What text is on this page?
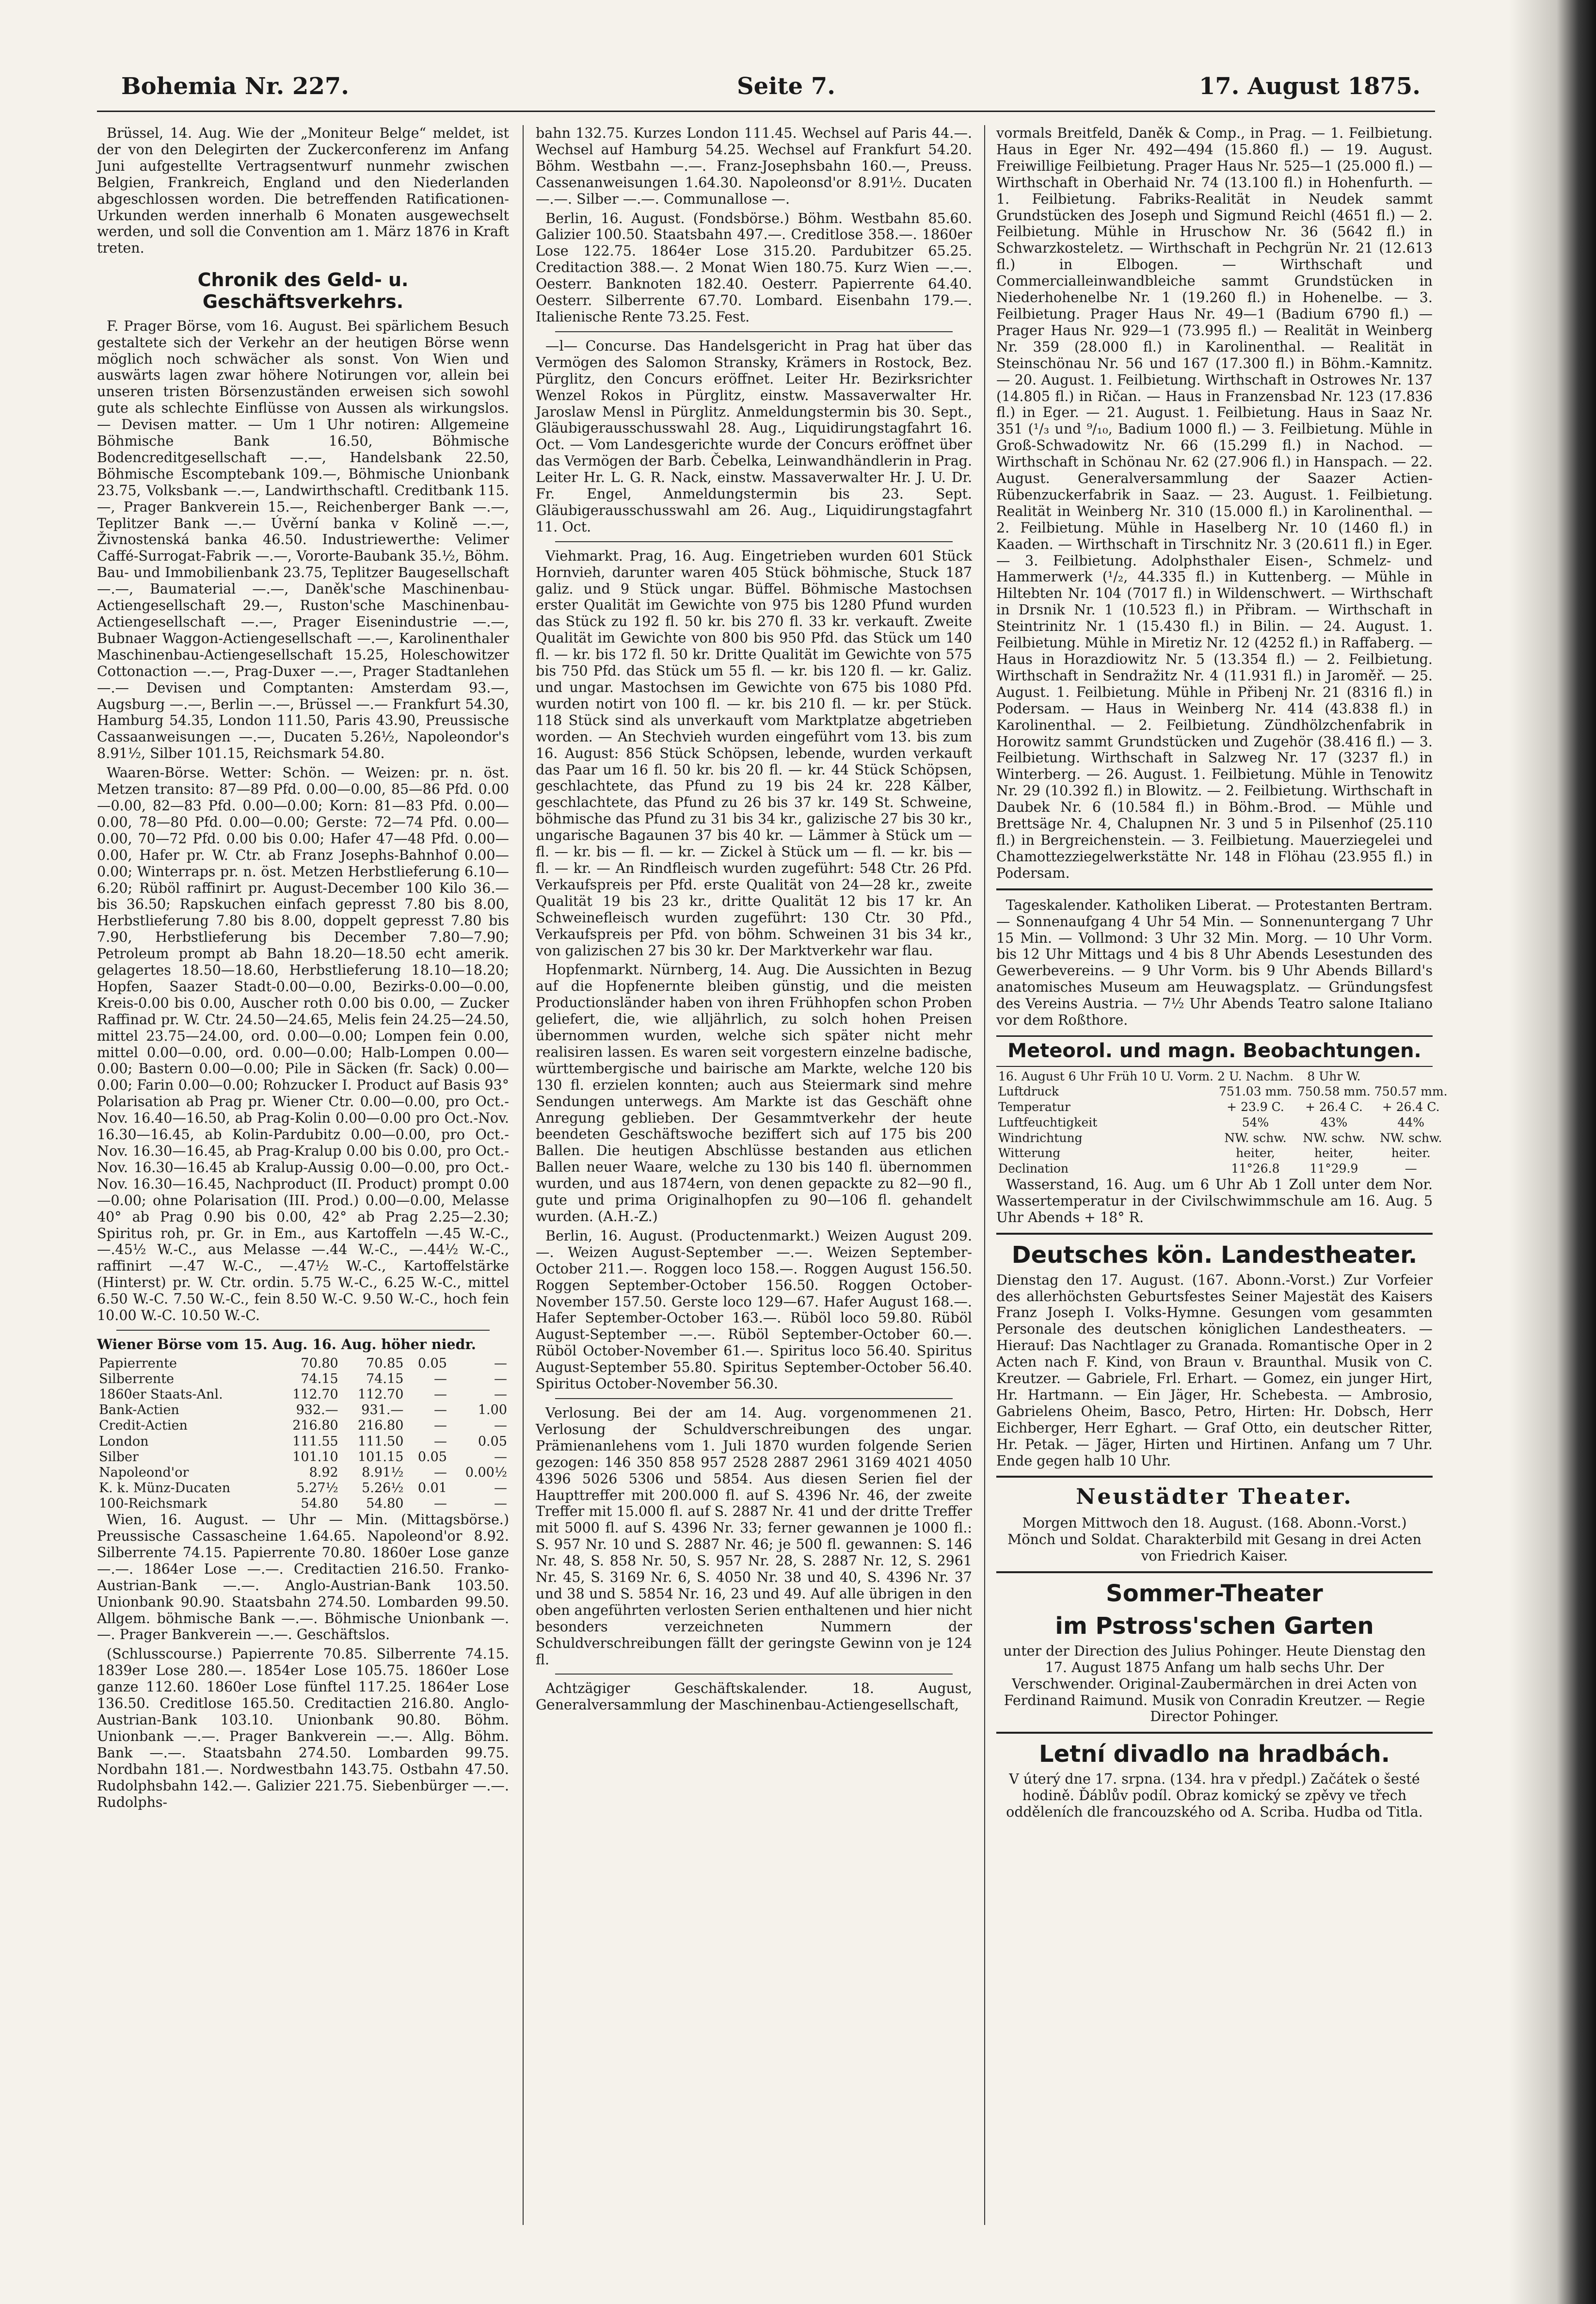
Bohemia Nr. 227.	Seite 7.	17. August 1875.

Brüssel, 14. Aug. Wie der „Moniteur Belge“ meldet, ist der von den Delegirten der Zuckerconferenz im Anfang Juni aufgestellte Vertragsentwurf nunmehr zwischen Belgien, Frankreich, England und den Niederlanden abgeschlossen worden. Die betreffenden Ratificationen-Urkunden werden innerhalb 6 Monaten ausgewechselt werden, und soll die Convention am 1. März 1876 in Kraft treten.

Chronik des Geld- u. Geschäftsverkehrs.

F. Prager Börse, vom 16. August. Bei spärlichem Besuch gestaltete sich der Verkehr an der heutigen Börse wenn möglich noch schwächer als sonst. Von Wien und auswärts lagen zwar höhere Notirungen vor, allein bei unseren tristen Börsenzuständen erweisen sich sowohl gute als schlechte Einflüsse von Aussen als wirkungslos. — Devisen matter. — Um 1 Uhr notiren: Allgemeine Böhmische Bank 16.50, Böhmische Bodencreditgesellschaft —.—, Handelsbank 22.50, Böhmische Escomptebank 109.—, Böhmische Unionbank 23.75, Volksbank —.—, Landwirthschaftl. Creditbank 115.—, Prager Bankverein 15.—, Reichenberger Bank —.—, Teplitzer Bank —.— Úvěrní banka v Kolině —.—, Živnostenská banka 46.50. Industriewerthe: Velimer Caffé-Surrogat-Fabrik —.—, Vororte-Baubank 35.½, Böhm. Bau- und Immobilienbank 23.75, Teplitzer Baugesellschaft —.—, Baumaterial —.—, Daněk'sche Maschinenbau-Actiengesellschaft 29.—, Ruston'sche Maschinenbau-Actiengesellschaft —.—, Prager Eisenindustrie —.—, Bubnaer Waggon-Actiengesellschaft —.—, Karolinenthaler Maschinenbau-Actiengesellschaft 15.25, Holeschowitzer Cottonaction —.—, Prag-Duxer —.—, Prager Stadtanlehen —.— Devisen und Comptanten: Amsterdam 93.—, Augsburg —.—, Berlin —.—, Brüssel —.— Frankfurt 54.30, Hamburg 54.35, London 111.50, Paris 43.90, Preussische Cassaanweisungen —.—, Ducaten 5.26½, Napoleondor's 8.91½, Silber 101.15, Reichsmark 54.80.

Waaren-Börse. Wetter: Schön. — Weizen: pr. n. öst. Metzen transito: 87—89 Pfd. 0.00—0.00, 85—86 Pfd. 0.00—0.00, 82—83 Pfd. 0.00—0.00; Korn: 81—83 Pfd. 0.00—0.00, 78—80 Pfd. 0.00—0.00; Gerste: 72—74 Pfd. 0.00—0.00, 70—72 Pfd. 0.00 bis 0.00; Hafer 47—48 Pfd. 0.00—0.00, Hafer pr. W. Ctr. ab Franz Josephs-Bahnhof 0.00—0.00; Winterraps pr. n. öst. Metzen Herbstlieferung 6.10—6.20; Rüböl raffinirt pr. August-December 100 Kilo 36.— bis 36.50; Rapskuchen einfach gepresst 7.80 bis 8.00, Herbstlieferung 7.80 bis 8.00, doppelt gepresst 7.80 bis 7.90, Herbstlieferung bis December 7.80—7.90; Petroleum prompt ab Bahn 18.20—18.50 echt amerik. gelagertes 18.50—18.60, Herbstlieferung 18.10—18.20; Hopfen, Saazer Stadt-0.00—0.00, Bezirks-0.00—0.00, Kreis-0.00 bis 0.00, Auscher roth 0.00 bis 0.00, — Zucker Raffinad pr. W. Ctr. 24.50—24.65, Melis fein 24.25—24.50, mittel 23.75—24.00, ord. 0.00—0.00; Lompen fein 0.00, mittel 0.00—0.00, ord. 0.00—0.00; Halb-Lompen 0.00—0.00; Bastern 0.00—0.00; Pile in Säcken (fr. Sack) 0.00—0.00; Farin 0.00—0.00; Rohzucker I. Product auf Basis 93° Polarisation ab Prag pr. Wiener Ctr. 0.00—0.00, pro Oct.-Nov. 16.40—16.50, ab Prag-Kolin 0.00—0.00 pro Oct.-Nov. 16.30—16.45, ab Kolin-Pardubitz 0.00—0.00, pro Oct.-Nov. 16.30—16.45, ab Prag-Kralup 0.00 bis 0.00, pro Oct.-Nov. 16.30—16.45 ab Kralup-Aussig 0.00—0.00, pro Oct.-Nov. 16.30—16.45, Nachproduct (II. Product) prompt 0.00—0.00; ohne Polarisation (III. Prod.) 0.00—0.00, Melasse 40° ab Prag 0.90 bis 0.00, 42° ab Prag 2.25—2.30; Spiritus roh, pr. Gr. in Em., aus Kartoffeln —.45 W.-C., —.45½ W.-C., aus Melasse —.44 W.-C., —.44½ W.-C., raffinirt —.47 W.-C., —.47½ W.-C., Kartoffelstärke (Hinterst) pr. W. Ctr. ordin. 5.75 W.-C., 6.25 W.-C., mittel 6.50 W.-C. 7.50 W.-C., fein 8.50 W.-C. 9.50 W.-C., hoch fein 10.00 W.-C. 10.50 W.-C.

Wiener Börse vom 15. Aug. 16. Aug. höher niedr.

Papierrente	70.80	70.85	0.05	—
Silberrente	74.15	74.15	—	—
1860er Staats-Anl.	112.70	112.70	—	—
Bank-Actien	932.—	931.—	—	1.00
Credit-Actien	216.80	216.80	—	—
London	111.55	111.50	—	0.05
Silber	101.10	101.15	0.05	—
Napoleond'or	8.92	8.91½	—	0.00½
K. k. Münz-Ducaten	5.27½	5.26½	0.01	—
100-Reichsmark	54.80	54.80	—	—

Wien, 16. August. — Uhr — Min. (Mittagsbörse.) Preussische Cassascheine 1.64.65. Napoleond'or 8.92. Silberrente 74.15. Papierrente 70.80. 1860er Lose ganze —.—. 1864er Lose —.—. Creditactien 216.50. Franko-Austrian-Bank —.—. Anglo-Austrian-Bank 103.50. Unionbank 90.90. Staatsbahn 274.50. Lombarden 99.50. Allgem. böhmische Bank —.—. Böhmische Unionbank —.—. Prager Bankverein —.—. Geschäftslos.

(Schlusscourse.) Papierrente 70.85. Silberrente 74.15. 1839er Lose 280.—. 1854er Lose 105.75. 1860er Lose ganze 112.60. 1860er Lose fünftel 117.25. 1864er Lose 136.50. Creditlose 165.50. Creditactien 216.80. Anglo-Austrian-Bank 103.10. Unionbank 90.80. Böhm. Unionbank —.—. Prager Bankverein —.—. Allg. Böhm. Bank —.—. Staatsbahn 274.50. Lombarden 99.75. Nordbahn 181.—. Nordwestbahn 143.75. Ostbahn 47.50. Rudolphsbahn 142.—. Galizier 221.75. Siebenbürger —.—. Rudolphs-

bahn 132.75. Kurzes London 111.45. Wechsel auf Paris 44.—. Wechsel auf Hamburg 54.25. Wechsel auf Frankfurt 54.20. Böhm. Westbahn —.—. Franz-Josephsbahn 160.—, Preuss. Cassenanweisungen 1.64.30. Napoleonsd'or 8.91½. Ducaten —.—. Silber —.—. Communallose —.

Berlin, 16. August. (Fondsbörse.) Böhm. Westbahn 85.60. Galizier 100.50. Staatsbahn 497.—. Creditlose 358.—. 1860er Lose 122.75. 1864er Lose 315.20. Pardubitzer 65.25. Creditaction 388.—. 2 Monat Wien 180.75. Kurz Wien —.—. Oesterr. Banknoten 182.40. Oesterr. Papierrente 64.40. Oesterr. Silberrente 67.70. Lombard. Eisenbahn 179.—. Italienische Rente 73.25. Fest.

—l— Concurse. Das Handelsgericht in Prag hat über das Vermögen des Salomon Stransky, Krämers in Rostock, Bez. Pürglitz, den Concurs eröffnet. Leiter Hr. Bezirksrichter Wenzel Rokos in Pürglitz, einstw. Massaverwalter Hr. Jaroslaw Mensl in Pürglitz. Anmeldungstermin bis 30. Sept., Gläubigerausschusswahl 28. Aug., Liquidirungstagfahrt 16. Oct. — Vom Landesgerichte wurde der Concurs eröffnet über das Vermögen der Barb. Čebelka, Leinwandhändlerin in Prag. Leiter Hr. L. G. R. Nack, einstw. Massaverwalter Hr. J. U. Dr. Fr. Engel, Anmeldungstermin bis 23. Sept. Gläubigerausschusswahl am 26. Aug., Liquidirungstagfahrt 11. Oct.

Viehmarkt. Prag, 16. Aug. Eingetrieben wurden 601 Stück Hornvieh, darunter waren 405 Stück böhmische, Stuck 187 galiz. und 9 Stück ungar. Büffel. Böhmische Mastochsen erster Qualität im Gewichte von 975 bis 1280 Pfund wurden das Stück zu 192 fl. 50 kr. bis 270 fl. 33 kr. verkauft. Zweite Qualität im Gewichte von 800 bis 950 Pfd. das Stück um 140 fl. — kr. bis 172 fl. 50 kr. Dritte Qualität im Gewichte von 575 bis 750 Pfd. das Stück um 55 fl. — kr. bis 120 fl. — kr. Galiz. und ungar. Mastochsen im Gewichte von 675 bis 1080 Pfd. wurden notirt von 100 fl. — kr. bis 210 fl. — kr. per Stück. 118 Stück sind als unverkauft vom Marktplatze abgetrieben worden. — An Stechvieh wurden eingeführt vom 13. bis zum 16. August: 856 Stück Schöpsen, lebende, wurden verkauft das Paar um 16 fl. 50 kr. bis 20 fl. — kr. 44 Stück Schöpsen, geschlachtete, das Pfund zu 19 bis 24 kr. 228 Kälber, geschlachtete, das Pfund zu 26 bis 37 kr. 149 St. Schweine, böhmische das Pfund zu 31 bis 34 kr., galizische 27 bis 30 kr., ungarische Bagaunen 37 bis 40 kr. — Lämmer à Stück um — fl. — kr. bis — fl. — kr. — Zickel à Stück um — fl. — kr. bis — fl. — kr. — An Rindfleisch wurden zugeführt: 548 Ctr. 26 Pfd. Verkaufspreis per Pfd. erste Qualität von 24—28 kr., zweite Qualität 19 bis 23 kr., dritte Qualität 12 bis 17 kr. An Schweinefleisch wurden zugeführt: 130 Ctr. 30 Pfd., Verkaufspreis per Pfd. von böhm. Schweinen 31 bis 34 kr., von galizischen 27 bis 30 kr. Der Marktverkehr war flau.

Hopfenmarkt. Nürnberg, 14. Aug. Die Aussichten in Bezug auf die Hopfenernte bleiben günstig, und die meisten Productionsländer haben von ihren Frühhopfen schon Proben geliefert, die, wie alljährlich, zu solch hohen Preisen übernommen wurden, welche sich später nicht mehr realisiren lassen. Es waren seit vorgestern einzelne badische, württembergische und bairische am Markte, welche 120 bis 130 fl. erzielen konnten; auch aus Steiermark sind mehre Sendungen unterwegs. Am Markte ist das Geschäft ohne Anregung geblieben. Der Gesammtverkehr der heute beendeten Geschäftswoche beziffert sich auf 175 bis 200 Ballen. Die heutigen Abschlüsse bestanden aus etlichen Ballen neuer Waare, welche zu 130 bis 140 fl. übernommen wurden, und aus 1874ern, von denen gepackte zu 82—90 fl., gute und prima Originalhopfen zu 90—106 fl. gehandelt wurden. (A.H.-Z.)

Berlin, 16. August. (Productenmarkt.) Weizen August 209.—. Weizen August-September —.—. Weizen September-October 211.—. Roggen loco 158.—. Roggen August 156.50. Roggen September-October 156.50. Roggen October-November 157.50. Gerste loco 129—67. Hafer August 168.—. Hafer September-October 163.—. Rüböl loco 59.80. Rüböl August-September —.—. Rüböl September-October 60.—. Rüböl October-November 61.—. Spiritus loco 56.40. Spiritus August-September 55.80. Spiritus September-October 56.40. Spiritus October-November 56.30.

Verlosung. Bei der am 14. Aug. vorgenommenen 21. Verlosung der Schuldverschreibungen des ungar. Prämienanlehens vom 1. Juli 1870 wurden folgende Serien gezogen: 146 350 858 957 2528 2887 2961 3169 4021 4050 4396 5026 5306 und 5854. Aus diesen Serien fiel der Haupttreffer mit 200.000 fl. auf S. 4396 Nr. 46, der zweite Treffer mit 15.000 fl. auf S. 2887 Nr. 41 und der dritte Treffer mit 5000 fl. auf S. 4396 Nr. 33; ferner gewannen je 1000 fl.: S. 957 Nr. 10 und S. 2887 Nr. 46; je 500 fl. gewannen: S. 146 Nr. 48, S. 858 Nr. 50, S. 957 Nr. 28, S. 2887 Nr. 12, S. 2961 Nr. 45, S. 3169 Nr. 6, S. 4050 Nr. 38 und 40, S. 4396 Nr. 37 und 38 und S. 5854 Nr. 16, 23 und 49. Auf alle übrigen in den oben angeführten verlosten Serien enthaltenen und hier nicht besonders verzeichneten Nummern der Schuldverschreibungen fällt der geringste Gewinn von je 124 fl.

Achtzägiger Geschäftskalender. 18. August, Generalversammlung der Maschinenbau-Actiengesellschaft,

vormals Breitfeld, Daněk & Comp., in Prag. — 1. Feilbietung. Haus in Eger Nr. 492—494 (15.860 fl.) — 19. August. Freiwillige Feilbietung. Prager Haus Nr. 525—1 (25.000 fl.) — Wirthschaft in Oberhaid Nr. 74 (13.100 fl.) in Hohenfurth. — 1. Feilbietung. Fabriks-Realität in Neudek sammt Grundstücken des Joseph und Sigmund Reichl (4651 fl.) — 2. Feilbietung. Mühle in Hruschow Nr. 36 (5642 fl.) in Schwarzkosteletz. — Wirthschaft in Pechgrün Nr. 21 (12.613 fl.) in Elbogen. — Wirthschaft und Commercialleinwandbleiche sammt Grundstücken in Niederhohenelbe Nr. 1 (19.260 fl.) in Hohenelbe. — 3. Feilbietung. Prager Haus Nr. 49—1 (Badium 6790 fl.) — Prager Haus Nr. 929—1 (73.995 fl.) — Realität in Weinberg Nr. 359 (28.000 fl.) in Karolinenthal. — Realität in Steinschönau Nr. 56 und 167 (17.300 fl.) in Böhm.-Kamnitz. — 20. August. 1. Feilbietung. Wirthschaft in Ostrowes Nr. 137 (14.805 fl.) in Ričan. — Haus in Franzensbad Nr. 123 (17.836 fl.) in Eger. — 21. August. 1. Feilbietung. Haus in Saaz Nr. 351 (¹/₃ und ⁹/₁₀, Badium 1000 fl.) — 3. Feilbietung. Mühle in Groß-Schwadowitz Nr. 66 (15.299 fl.) in Nachod. — Wirthschaft in Schönau Nr. 62 (27.906 fl.) in Hanspach. — 22. August. Generalversammlung der Saazer Actien-Rübenzuckerfabrik in Saaz. — 23. August. 1. Feilbietung. Realität in Weinberg Nr. 310 (15.000 fl.) in Karolinenthal. — 2. Feilbietung. Mühle in Haselberg Nr. 10 (1460 fl.) in Kaaden. — Wirthschaft in Tirschnitz Nr. 3 (20.611 fl.) in Eger. — 3. Feilbietung. Adolphsthaler Eisen-, Schmelz- und Hammerwerk (¹/₂, 44.335 fl.) in Kuttenberg. — Mühle in Hiltebten Nr. 104 (7017 fl.) in Wildenschwert. — Wirthschaft in Drsnik Nr. 1 (10.523 fl.) in Přibram. — Wirthschaft in Steintrinitz Nr. 1 (15.430 fl.) in Bilin. — 24. August. 1. Feilbietung. Mühle in Miretiz Nr. 12 (4252 fl.) in Raffaberg. — Haus in Horazdiowitz Nr. 5 (13.354 fl.) — 2. Feilbietung. Wirthschaft in Sendražitz Nr. 4 (11.931 fl.) in Jaroměř. — 25. August. 1. Feilbietung. Mühle in Přibenj Nr. 21 (8316 fl.) in Podersam. — Haus in Weinberg Nr. 414 (43.838 fl.) in Karolinenthal. — 2. Feilbietung. Zündhölzchenfabrik in Horowitz sammt Grundstücken und Zugehör (38.416 fl.) — 3. Feilbietung. Wirthschaft in Salzweg Nr. 17 (3237 fl.) in Winterberg. — 26. August. 1. Feilbietung. Mühle in Tenowitz Nr. 29 (10.392 fl.) in Blowitz. — 2. Feilbietung. Wirthschaft in Daubek Nr. 6 (10.584 fl.) in Böhm.-Brod. — Mühle und Brettsäge Nr. 4, Chalupnen Nr. 3 und 5 in Pilsenhof (25.110 fl.) in Bergreichenstein. — 3. Feilbietung. Mauerziegelei und Chamottezziegelwerkstätte Nr. 148 in Flöhau (23.955 fl.) in Podersam.

Tageskalender. Katholiken Liberat. — Protestanten Bertram. — Sonnenaufgang 4 Uhr 54 Min. — Sonnenuntergang 7 Uhr 15 Min. — Vollmond: 3 Uhr 32 Min. Morg. — 10 Uhr Vorm. bis 12 Uhr Mittags und 4 bis 8 Uhr Abends Lesestunden des Gewerbevereins. — 9 Uhr Vorm. bis 9 Uhr Abends Billard's anatomisches Museum am Heuwagsplatz. — Gründungsfest des Vereins Austria. — 7½ Uhr Abends Teatro salone Italiano vor dem Roßthore.

Meteorol. und magn. Beobachtungen.
16. August 6 Uhr Früh 10 U. Vorm.	2 U. Nachm.	8 Uhr W.	
Luftdruck	751.03 mm.	750.58 mm.	750.57 mm.
Temperatur	+ 23.9 C.	+ 26.4 C.	+ 26.4 C.
Luftfeuchtigkeit	54%	43%	44%
Windrichtung	NW. schw.	NW. schw.	NW. schw.
Witterung	heiter,	heiter,	heiter.
Declination	11°26.8	11°29.9	—

Wasserstand, 16. Aug. um 6 Uhr Ab 1 Zoll unter dem Nor. Wassertemperatur in der Civilschwimmschule am 16. Aug. 5 Uhr Abends + 18° R.

Deutsches kön. Landestheater.

Dienstag den 17. August. (167. Abonn.-Vorst.) Zur Vorfeier des allerhöchsten Geburtsfestes Seiner Majestät des Kaisers Franz Joseph I. Volks-Hymne. Gesungen vom gesammten Personale des deutschen königlichen Landestheaters. — Hierauf: Das Nachtlager zu Granada. Romantische Oper in 2 Acten nach F. Kind, von Braun v. Braunthal. Musik von C. Kreutzer. — Gabriele, Frl. Erhart. — Gomez, ein junger Hirt, Hr. Hartmann. — Ein Jäger, Hr. Schebesta. — Ambrosio, Gabrielens Oheim, Basco, Petro, Hirten: Hr. Dobsch, Herr Eichberger, Herr Eghart. — Graf Otto, ein deutscher Ritter, Hr. Petak. — Jäger, Hirten und Hirtinen. Anfang um 7 Uhr. Ende gegen halb 10 Uhr.

Neustädter Theater.

Morgen Mittwoch den 18. August. (168. Abonn.-Vorst.) Mönch und Soldat. Charakterbild mit Gesang in drei Acten von Friedrich Kaiser.

Sommer-Theater
im Pstross'schen Garten

unter der Direction des Julius Pohinger. Heute Dienstag den 17. August 1875 Anfang um halb sechs Uhr. Der Verschwender. Original-Zaubermärchen in drei Acten von Ferdinand Raimund. Musik von Conradin Kreutzer. — Regie Director Pohinger.

Letní divadlo na hradbách.

V úterý dne 17. srpna. (134. hra v předpl.) Začátek o šesté hodině. Ďáblův podíl. Obraz komický se zpěvy ve třech odděleních dle francouzského od A. Scriba. Hudba od Titla.
